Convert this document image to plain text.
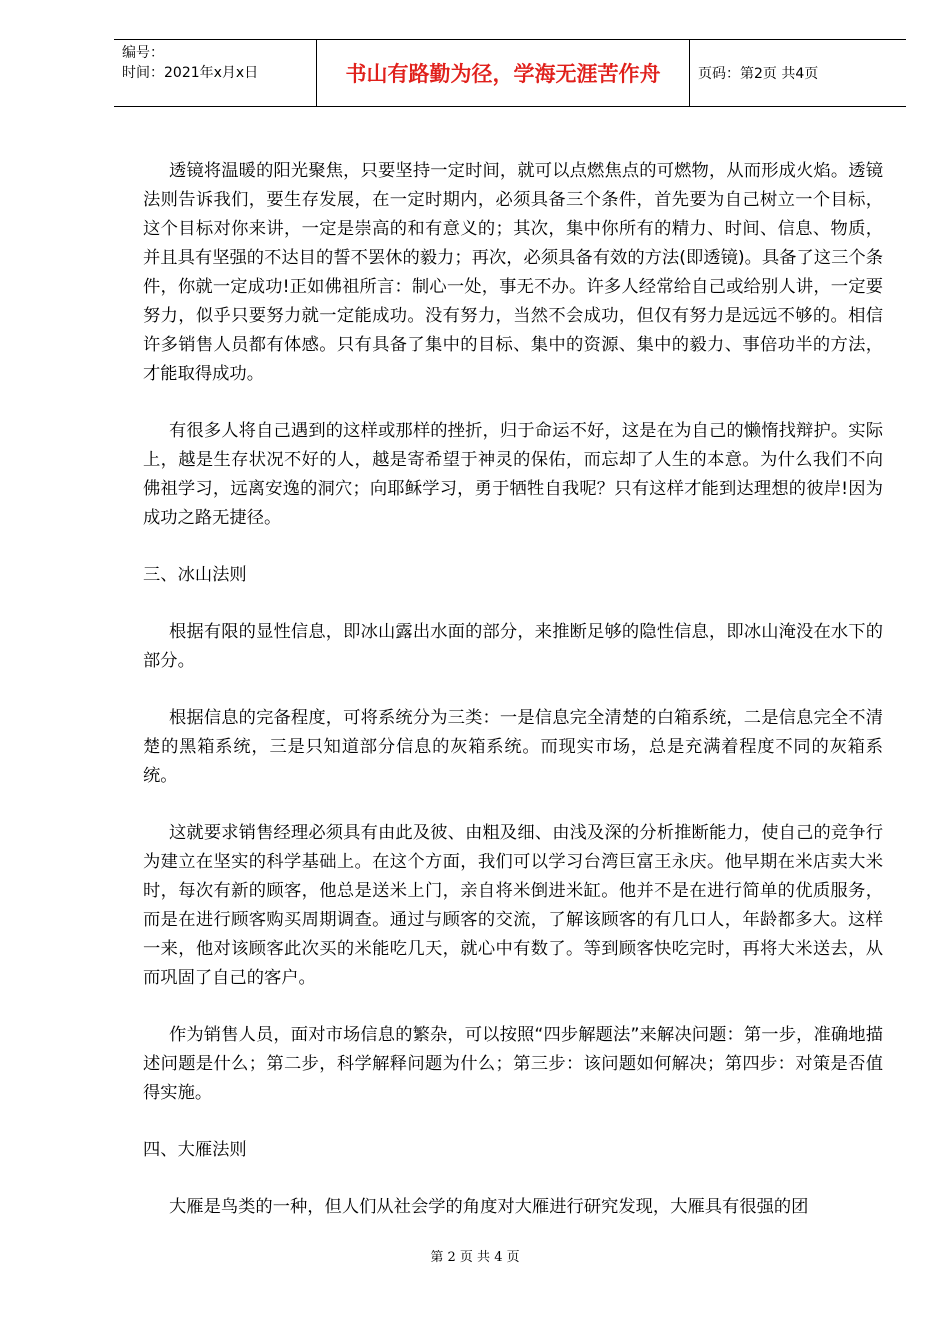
编号：
时间：2021年x月x日	书山有路勤为径，学海无涯苦作舟	页码：第2页 共4页

透镜将温暖的阳光聚焦，只要坚持一定时间，就可以点燃焦点的可燃物，从而形成火焰。透镜法则告诉我们，要生存发展，在一定时期内，必须具备三个条件，首先要为自己树立一个目标，这个目标对你来讲，一定是崇高的和有意义的；其次，集中你所有的精力、时间、信息、物质，并且具有坚强的不达目的誓不罢休的毅力；再次，必须具备有效的方法(即透镜)。具备了这三个条件，你就一定成功!正如佛祖所言：制心一处，事无不办。许多人经常给自己或给别人讲，一定要努力，似乎只要努力就一定能成功。没有努力，当然不会成功，但仅有努力是远远不够的。相信许多销售人员都有体感。只有具备了集中的目标、集中的资源、集中的毅力、事倍功半的方法，才能取得成功。

有很多人将自己遇到的这样或那样的挫折，归于命运不好，这是在为自己的懒惰找辩护。实际上，越是生存状况不好的人，越是寄希望于神灵的保佑，而忘却了人生的本意。为什么我们不向佛祖学习，远离安逸的洞穴；向耶稣学习，勇于牺牲自我呢？只有这样才能到达理想的彼岸!因为成功之路无捷径。

三、冰山法则

根据有限的显性信息，即冰山露出水面的部分，来推断足够的隐性信息，即冰山淹没在水下的部分。

根据信息的完备程度，可将系统分为三类：一是信息完全清楚的白箱系统，二是信息完全不清楚的黑箱系统，三是只知道部分信息的灰箱系统。而现实市场，总是充满着程度不同的灰箱系统。

这就要求销售经理必须具有由此及彼、由粗及细、由浅及深的分析推断能力，使自己的竞争行为建立在坚实的科学基础上。在这个方面，我们可以学习台湾巨富王永庆。他早期在米店卖大米时，每次有新的顾客，他总是送米上门，亲自将米倒进米缸。他并不是在进行简单的优质服务，而是在进行顾客购买周期调查。通过与顾客的交流，了解该顾客的有几口人，年龄都多大。这样一来，他对该顾客此次买的米能吃几天，就心中有数了。等到顾客快吃完时，再将大米送去，从而巩固了自己的客户。

作为销售人员，面对市场信息的繁杂，可以按照“四步解题法”来解决问题：第一步，准确地描述问题是什么；第二步，科学解释问题为什么；第三步：该问题如何解决；第四步：对策是否值得实施。

四、大雁法则

大雁是鸟类的一种，但人们从社会学的角度对大雁进行研究发现，大雁具有很强的团

第 2 页 共 4 页
